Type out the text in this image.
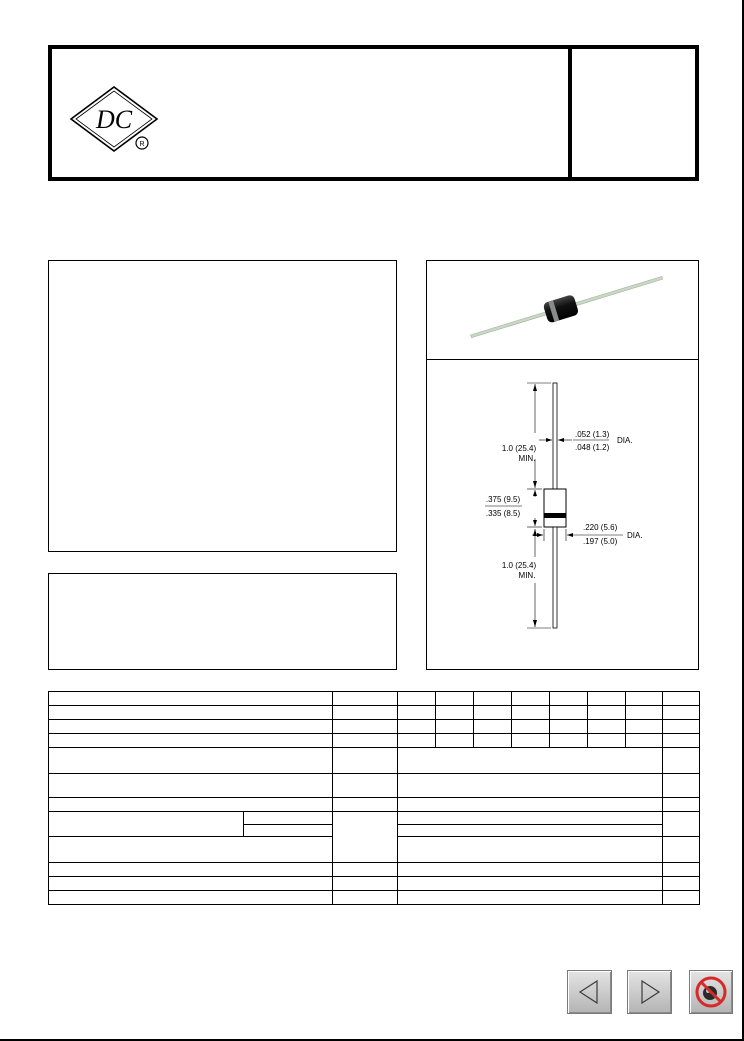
DC
R
1.0 (25.4)
MIN.
.375 (9.5)
.335 (8.5)
.052 (1.3)
.048 (1.2)
DIA.
.220 (5.6)
.197 (5.0)
DIA.
1.0 (25.4)
MIN.
